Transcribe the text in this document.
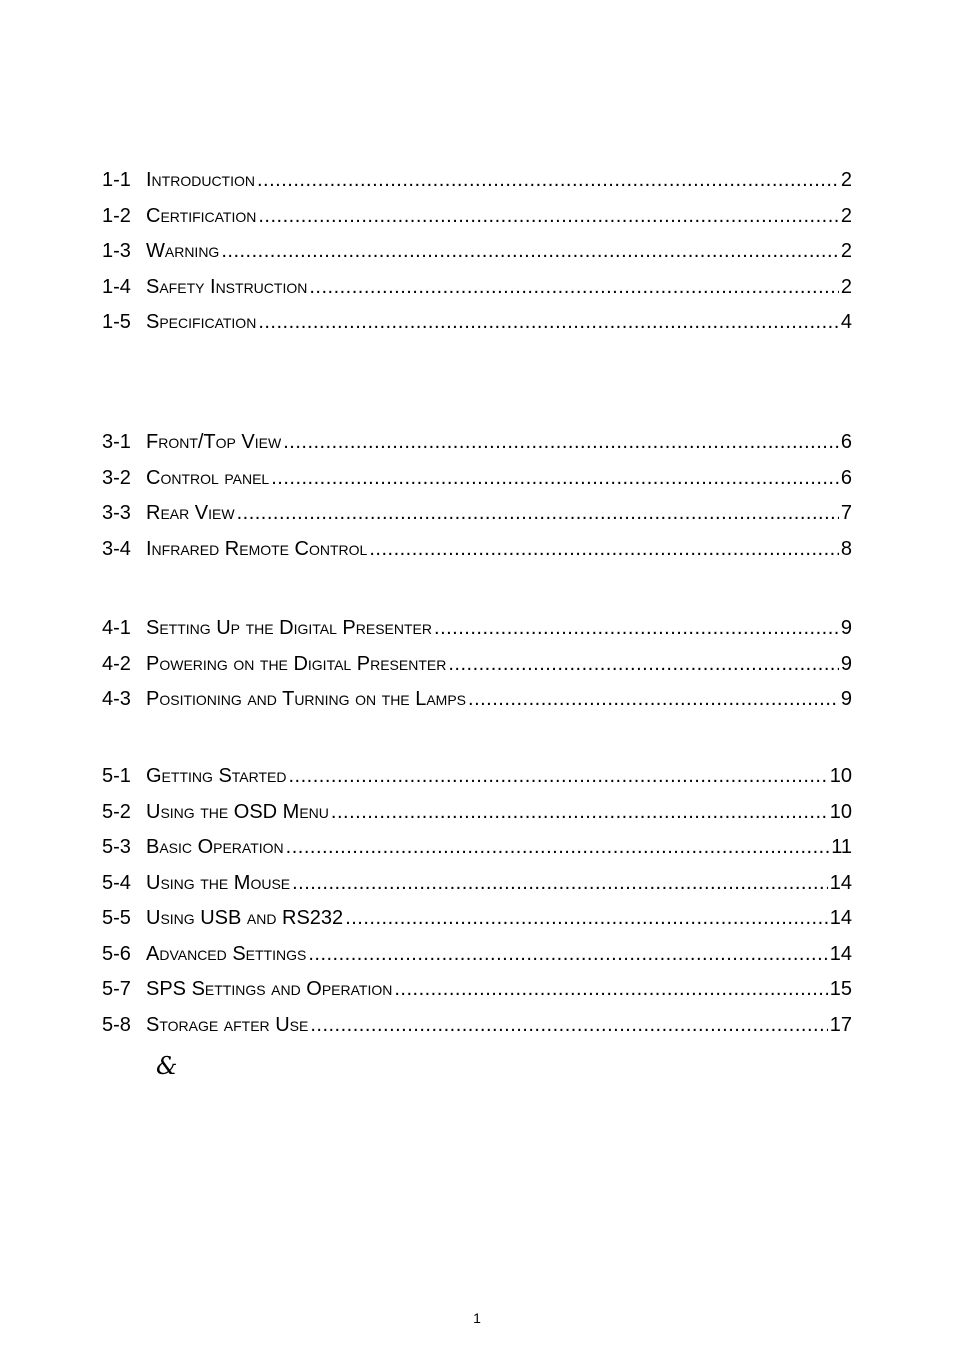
1-1 Introduction .....	2
1-2 Certification .....	2
1-3 Warning .....	2
1-4 Safety Instruction .....	2
1-5 Specification .....	4
3-1 Front/Top View .....	6
3-2 Control panel .....	6
3-3 Rear View .....	7
3-4 Infrared Remote Control .....	8
4-1 Setting Up the Digital Presenter .....	9
4-2 Powering on the Digital Presenter .....	9
4-3 Positioning and Turning on the Lamps .....	9
5-1 Getting Started .....	10
5-2 Using the OSD Menu .....	10
5-3 Basic Operation .....	11
5-4 Using the Mouse .....	14
5-5 Using USB and RS232 .....	14
5-6 Advanced Settings .....	14
5-7 SPS Settings and Operation .....	15
5-8 Storage after Use .....	17
&
1
